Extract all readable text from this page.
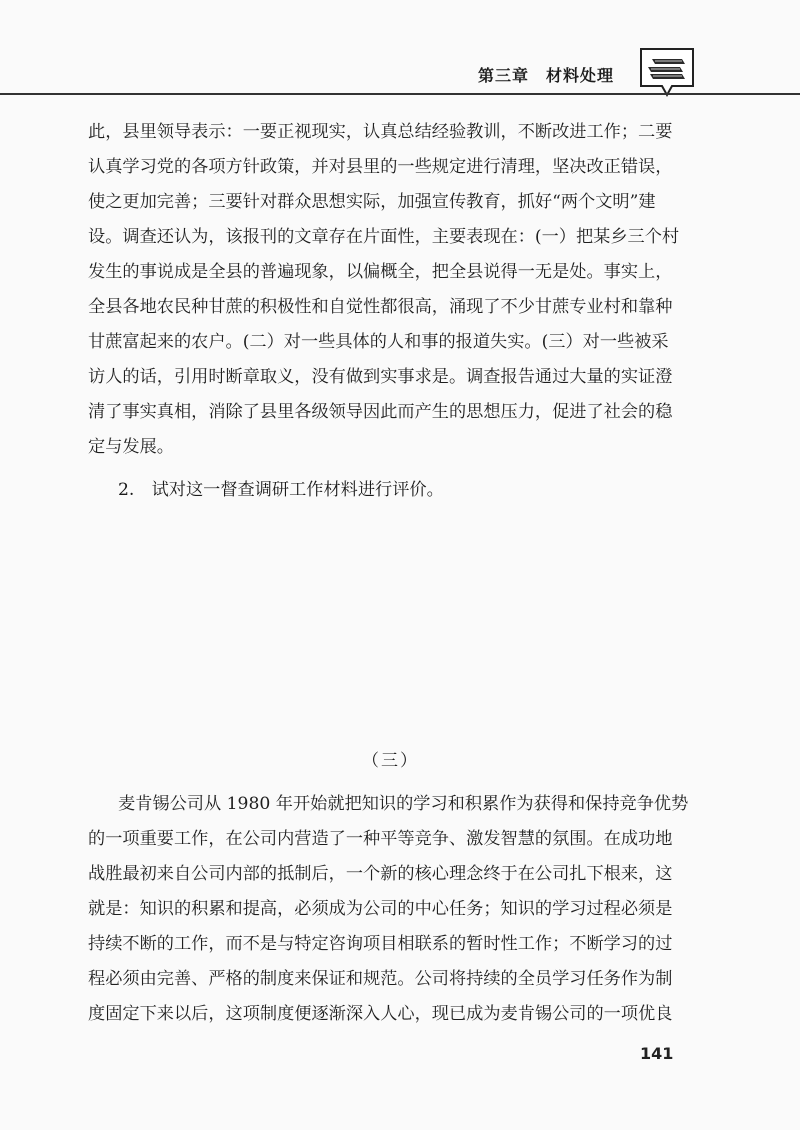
第三章　材料处理
此，县里领导表示：一要正视现实，认真总结经验教训，不断改进工作；二要
认真学习党的各项方针政策，并对县里的一些规定进行清理，坚决改正错误，
使之更加完善；三要针对群众思想实际，加强宣传教育，抓好“两个文明”建
设。调查还认为，该报刊的文章存在片面性，主要表现在：(一）把某乡三个村
发生的事说成是全县的普遍现象，以偏概全，把全县说得一无是处。事实上，
全县各地农民种甘蔗的积极性和自觉性都很高，涌现了不少甘蔗专业村和靠种
甘蔗富起来的农户。(二）对一些具体的人和事的报道失实。(三）对一些被采
访人的话，引用时断章取义，没有做到实事求是。调查报告通过大量的实证澄
清了事实真相，消除了县里各级领导因此而产生的思想压力，促进了社会的稳
定与发展。
2.　试对这一督查调研工作材料进行评价。
（三）
麦肯锡公司从 1980 年开始就把知识的学习和积累作为获得和保持竞争优势
的一项重要工作，在公司内营造了一种平等竞争、激发智慧的氛围。在成功地
战胜最初来自公司内部的抵制后，一个新的核心理念终于在公司扎下根来，这
就是：知识的积累和提高，必须成为公司的中心任务；知识的学习过程必须是
持续不断的工作，而不是与特定咨询项目相联系的暂时性工作；不断学习的过
程必须由完善、严格的制度来保证和规范。公司将持续的全员学习任务作为制
度固定下来以后，这项制度便逐渐深入人心，现已成为麦肯锡公司的一项优良
141
